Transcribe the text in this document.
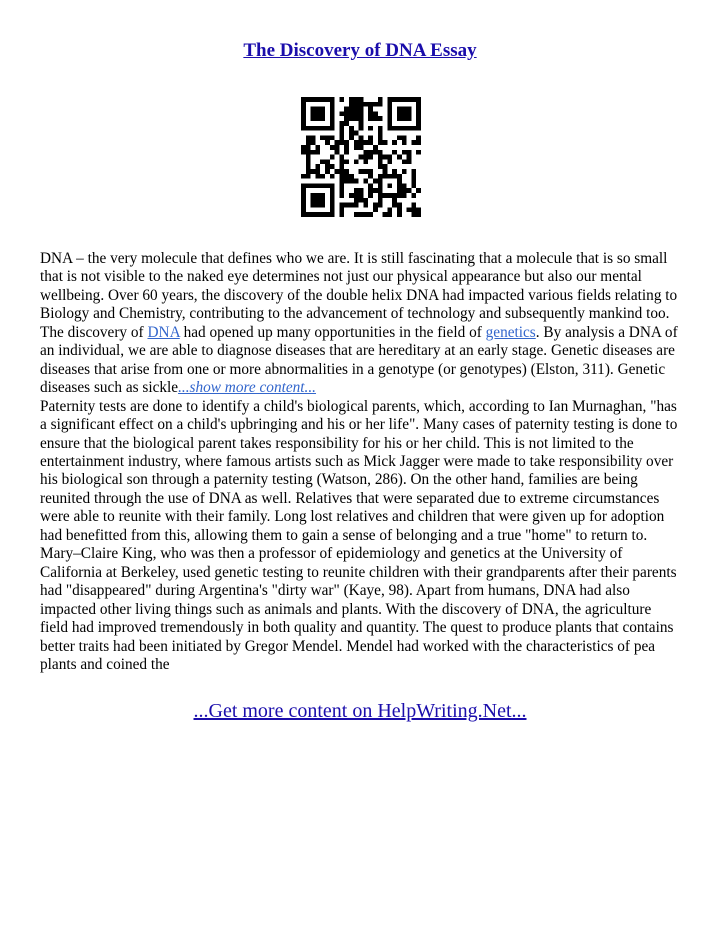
The Discovery of DNA Essay

DNA – the very molecule that defines who we are. It is still fascinating that a molecule that is so small that is not visible to the naked eye determines not just our physical appearance but also our mental wellbeing. Over 60 years, the discovery of the double helix DNA had impacted various fields relating to Biology and Chemistry, contributing to the advancement of technology and subsequently mankind too. The discovery of DNA had opened up many opportunities in the field of genetics. By analysis a DNA of an individual, we are able to diagnose diseases that are hereditary at an early stage. Genetic diseases are diseases that arise from one or more abnormalities in a genotype (or genotypes) (Elston, 311). Genetic diseases such as sickle...show more content...

Paternity tests are done to identify a child's biological parents, which, according to Ian Murnaghan, "has a significant effect on a child's upbringing and his or her life". Many cases of paternity testing is done to ensure that the biological parent takes responsibility for his or her child. This is not limited to the entertainment industry, where famous artists such as Mick Jagger were made to take responsibility over his biological son through a paternity testing (Watson, 286). On the other hand, families are being reunited through the use of DNA as well. Relatives that were separated due to extreme circumstances were able to reunite with their family. Long lost relatives and children that were given up for adoption had benefitted from this, allowing them to gain a sense of belonging and a true "home" to return to. Mary–Claire King, who was then a professor of epidemiology and genetics at the University of California at Berkeley, used genetic testing to reunite children with their grandparents after their parents had "disappeared" during Argentina's "dirty war" (Kaye, 98). Apart from humans, DNA had also impacted other living things such as animals and plants. With the discovery of DNA, the agriculture field had improved tremendously in both quality and quantity. The quest to produce plants that contains better traits had been initiated by Gregor Mendel. Mendel had worked with the characteristics of pea plants and coined the

...Get more content on HelpWriting.Net...
